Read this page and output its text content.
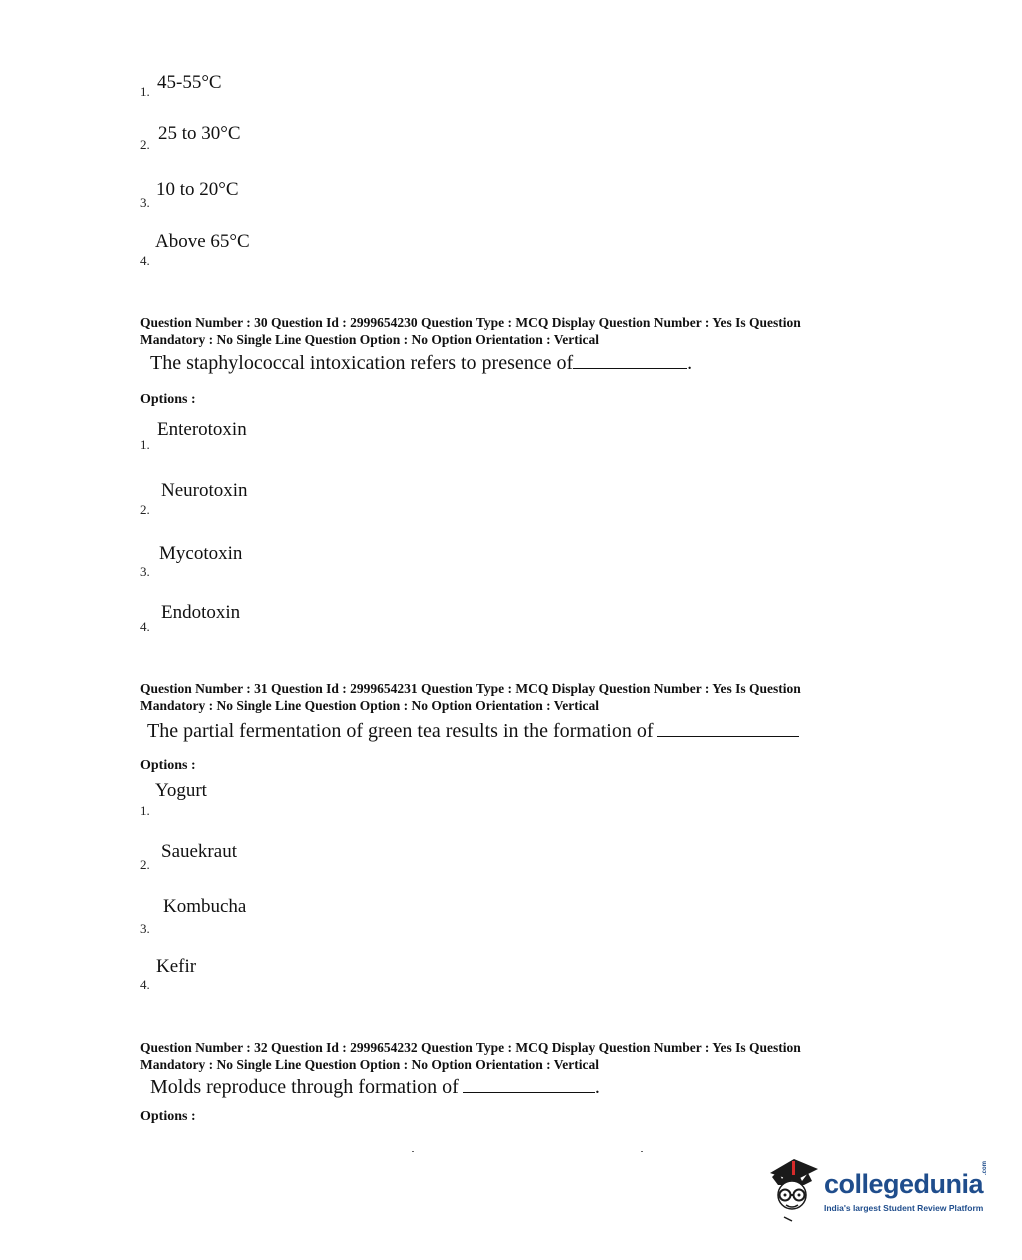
1. 45-55°C
2.
25 to 30°C
3.
10 to 20°C
4.
Above 65°C
Question Number : 30 Question Id : 2999654230 Question Type : MCQ Display Question Number : Yes Is Question
Mandatory : No Single Line Question Option : No Option Orientation : Vertical
The staphylococcal intoxication refers to presence of	.
Options :
1.
Enterotoxin
2.
Neurotoxin
3.
Mycotoxin
4.
Endotoxin
Question Number : 31 Question Id : 2999654231 Question Type : MCQ Display Question Number : Yes Is Question
Mandatory : No Single Line Question Option : No Option Orientation : Vertical
The partial fermentation of green tea results in the formation of
Options :
1.
Yogurt
2.
Sauekraut
3.
Kombucha
4.
Kefir
Question Number : 32 Question Id : 2999654232 Question Type : MCQ Display Question Number : Yes Is Question
Mandatory : No Single Line Question Option : No Option Orientation : Vertical
Molds reproduce through formation of	.
Options :
collegedunia
.com
India's largest Student Review Platform
